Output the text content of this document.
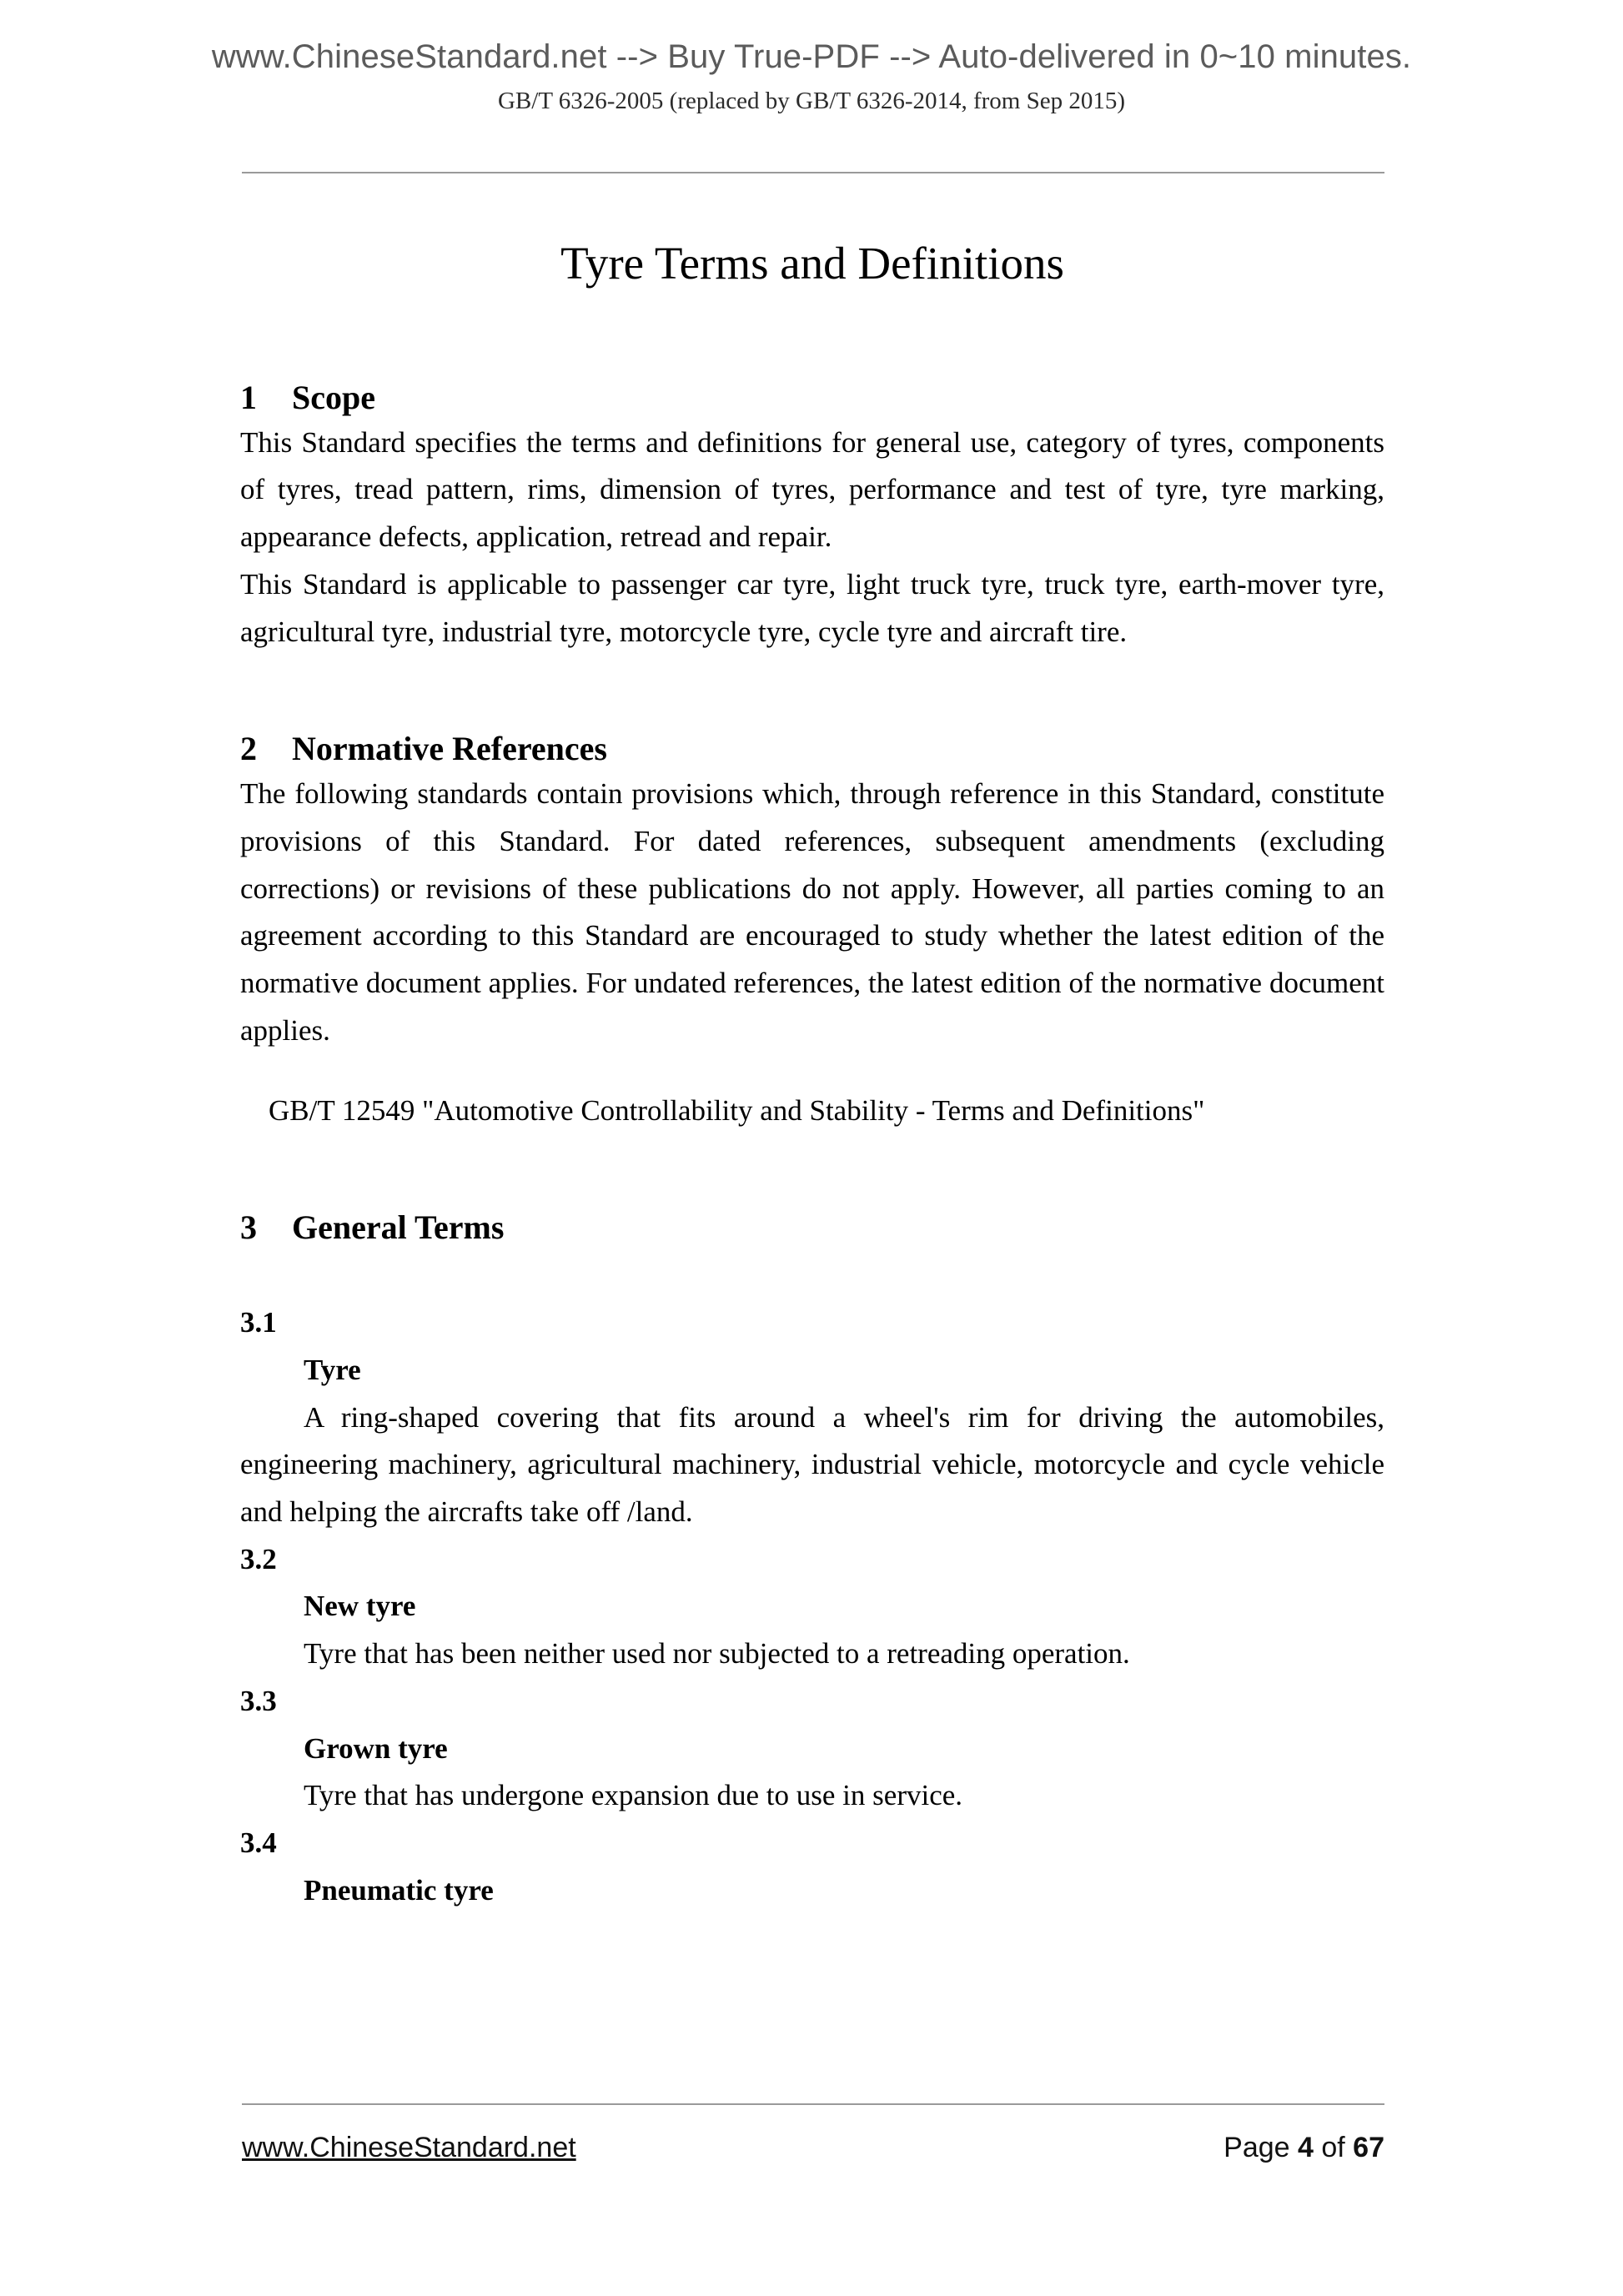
www.ChineseStandard.net --> Buy True-PDF --> Auto-delivered in 0~10 minutes.
GB/T 6326-2005 (replaced by GB/T 6326-2014, from Sep 2015)
Tyre Terms and Definitions
1 Scope

This Standard specifies the terms and definitions for general use, category of tyres, components of tyres, tread pattern, rims, dimension of tyres, performance and test of tyre, tyre marking, appearance defects, application, retread and repair.

This Standard is applicable to passenger car tyre, light truck tyre, truck tyre, earth-mover tyre, agricultural tyre, industrial tyre, motorcycle tyre, cycle tyre and aircraft tire.

2 Normative References

The following standards contain provisions which, through reference in this Standard, constitute provisions of this Standard. For dated references, subsequent amendments (excluding corrections) or revisions of these publications do not apply. However, all parties coming to an agreement according to this Standard are encouraged to study whether the latest edition of the normative document applies. For undated references, the latest edition of the normative document applies.

GB/T 12549 "Automotive Controllability and Stability - Terms and Definitions"

3 General Terms

3.1

Tyre

A ring-shaped covering that fits around a wheel's rim for driving the automobiles, engineering machinery, agricultural machinery, industrial vehicle, motorcycle and cycle vehicle and helping the aircrafts take off /land.

3.2

New tyre

Tyre that has been neither used nor subjected to a retreading operation.

3.3

Grown tyre

Tyre that has undergone expansion due to use in service.

3.4

Pneumatic tyre

www.ChineseStandard.net	Page 4 of 67
